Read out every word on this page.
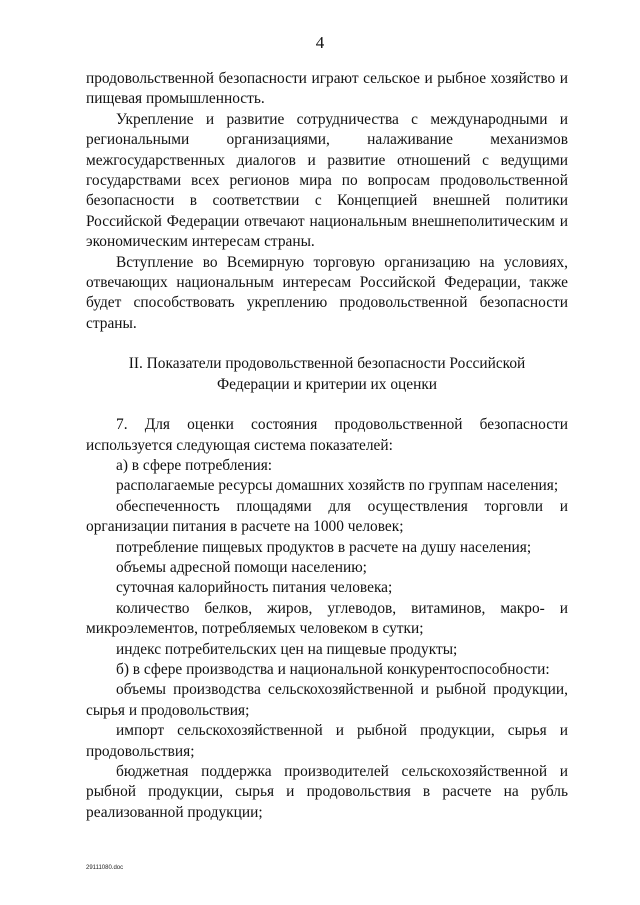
4

продовольственной безопасности играют сельское и рыбное хозяйство и пищевая промышленность.

Укрепление и развитие сотрудничества с международными и региональными организациями, налаживание механизмов межгосударственных диалогов и развитие отношений с ведущими государствами всех регионов мира по вопросам продовольственной безопасности в соответствии с Концепцией внешней политики Российской Федерации отвечают национальным внешнеполитическим и экономическим интересам страны.

Вступление во Всемирную торговую организацию на условиях, отвечающих национальным интересам Российской Федерации, также будет способствовать укреплению продовольственной безопасности страны.

II. Показатели продовольственной безопасности Российской

Федерации и критерии их оценки

7. Для оценки состояния продовольственной безопасности используется следующая система показателей:

а) в сфере потребления:

располагаемые ресурсы домашних хозяйств по группам населения;

обеспеченность площадями для осуществления торговли и организации питания в расчете на 1000 человек;

потребление пищевых продуктов в расчете на душу населения;

объемы адресной помощи населению;

суточная калорийность питания человека;

количество белков, жиров, углеводов, витаминов, макро- и микроэлементов, потребляемых человеком в сутки;

индекс потребительских цен на пищевые продукты;

б) в сфере производства и национальной конкурентоспособности:

объемы производства сельскохозяйственной и рыбной продукции, сырья и продовольствия;

импорт сельскохозяйственной и рыбной продукции, сырья и продовольствия;

бюджетная поддержка производителей сельскохозяйственной и рыбной продукции, сырья и продовольствия в расчете на рубль реализованной продукции;

29111080.doc
